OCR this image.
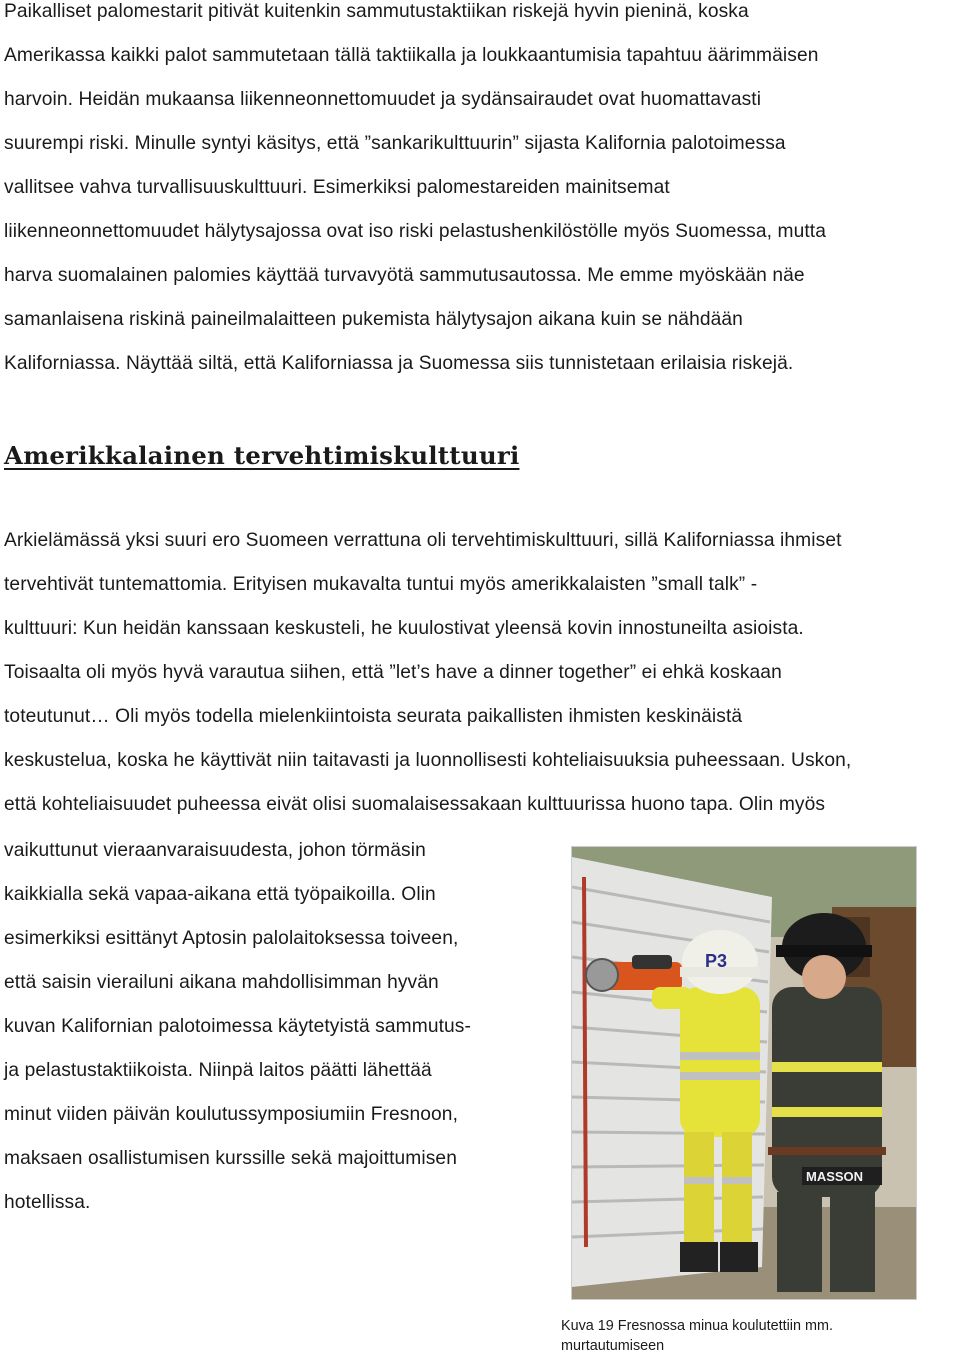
Paikalliset palomestarit pitivät kuitenkin sammutustaktiikan riskejä hyvin pieninä, koska
Amerikassa kaikki palot sammutetaan tällä taktiikalla ja loukkaantumisia tapahtuu äärimmäisen
harvoin. Heidän mukaansa liikenneonnettomuudet ja sydänsairaudet ovat huomattavasti
suurempi riski. Minulle syntyi käsitys, että ”sankarikulttuurin” sijasta Kalifornia palotoimessa
vallitsee vahva turvallisuuskulttuuri. Esimerkiksi palomestareiden mainitsemat
liikenneonnettomuudet hälytysajossa ovat iso riski pelastushenkilöstölle myös Suomessa, mutta
harva suomalainen palomies käyttää turvavyötä sammutusautossa. Me emme myöskään näe
samanlaisena riskinä paineilmalaitteen pukemista hälytysajon aikana kuin se nähdään
Kaliforniassa. Näyttää siltä, että Kaliforniassa ja Suomessa siis tunnistetaan erilaisia riskejä.

Amerikkalainen tervehtimiskulttuuri

Arkielämässä yksi suuri ero Suomeen verrattuna oli tervehtimiskulttuuri, sillä Kaliforniassa ihmiset
tervehtivät tuntemattomia. Erityisen mukavalta tuntui myös amerikkalaisten ”small talk” -
kulttuuri: Kun heidän kanssaan keskusteli, he kuulostivat yleensä kovin innostuneilta asioista.
Toisaalta oli myös hyvä varautua siihen, että ”let’s have a dinner together” ei ehkä koskaan
toteutunut… Oli myös todella mielenkiintoista seurata paikallisten ihmisten keskinäistä
keskustelua, koska he käyttivät niin taitavasti ja luonnollisesti kohteliaisuuksia puheessaan. Uskon,
että kohteliaisuudet puheessa eivät olisi suomalaisessakaan kulttuurissa huono tapa. Olin myös

vaikuttunut vieraanvaraisuudesta, johon törmäsin
kaikkialla sekä vapaa-aikana että työpaikoilla. Olin
esimerkiksi esittänyt Aptosin palolaitoksessa toiveen,
että saisin vierailuni aikana mahdollisimman hyvän
kuvan Kalifornian palotoimessa käytetyistä sammutus-
ja pelastustaktiikoista. Niinpä laitos päätti lähettää
minut viiden päivän koulutussymposiumiin Fresnoon,
maksaen osallistumisen kurssille sekä majoittumisen
hotellissa.

P3
MASSON

Kuva 19 Fresnossa minua koulutettiin mm.
murtautumiseen
